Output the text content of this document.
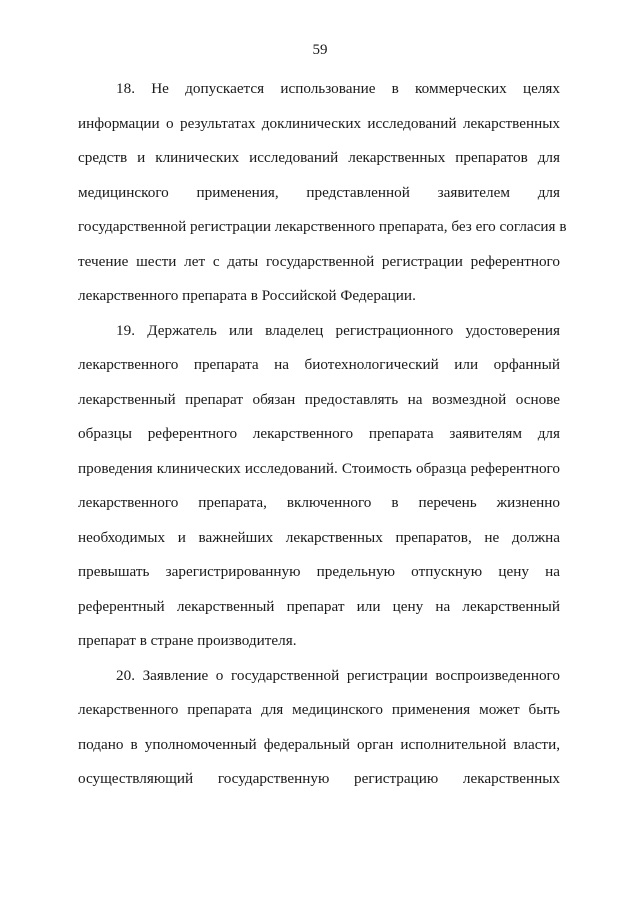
59
18. Не допускается использование в коммерческих целях
информации о результатах доклинических исследований лекарственных
средств и клинических исследований лекарственных препаратов для
медицинского применения, представленной заявителем для
государственной регистрации лекарственного препарата, без его согласия в
течение шести лет с даты государственной регистрации референтного
лекарственного препарата в Российской Федерации.
19. Держатель или владелец регистрационного удостоверения
лекарственного препарата на биотехнологический или орфанный
лекарственный препарат обязан предоставлять на возмездной основе
образцы референтного лекарственного препарата заявителям для
проведения клинических исследований. Стоимость образца референтного
лекарственного препарата, включенного в перечень жизненно
необходимых и важнейших лекарственных препаратов, не должна
превышать зарегистрированную предельную отпускную цену на
референтный лекарственный препарат или цену на лекарственный
препарат в стране производителя.
20. Заявление о государственной регистрации воспроизведенного
лекарственного препарата для медицинского применения может быть
подано в уполномоченный федеральный орган исполнительной власти,
осуществляющий государственную регистрацию лекарственных
